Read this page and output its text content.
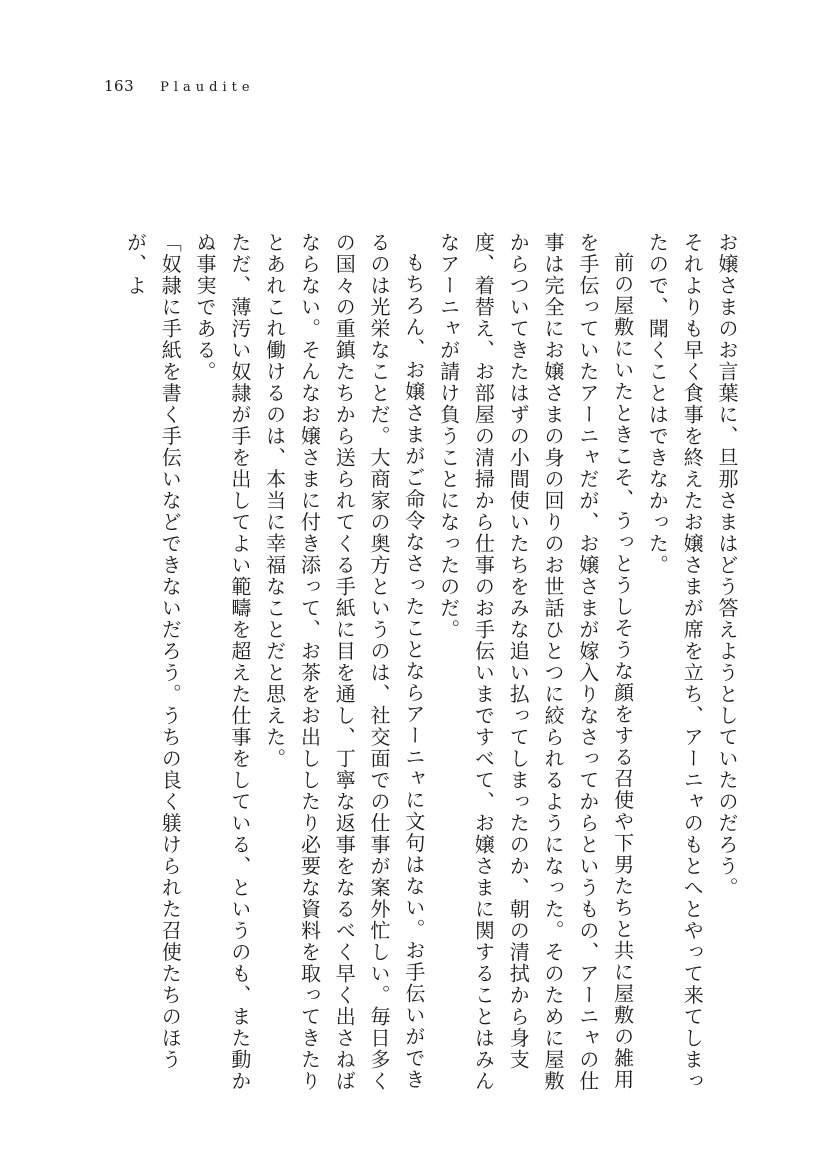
163 Plaudite

お嬢さまのお言葉に、旦那さまはどう答えようとしていたのだろう。

それよりも早く食事を終えたお嬢さまが席を立ち、アーニャのもとへとやって来てしまったので、聞くことはできなかった。

前の屋敷にいたときこそ、うっとうしそうな顔をする召使や下男たちと共に屋敷の雑用を手伝っていたアーニャだが、お嬢さまが嫁入りなさってからというもの、アーニャの仕事は完全にお嬢さまの身の回りのお世話ひとつに絞られるようになった。そのために屋敷からついてきたはずの小間使いたちをみな追い払ってしまったのか、朝の清拭から身支度、着替え、お部屋の清掃から仕事のお手伝いまですべて、お嬢さまに関することはみんなアーニャが請け負うことになったのだ。

もちろん、お嬢さまがご命令なさったことならアーニャに文句はない。お手伝いができるのは光栄なことだ。大商家の奥方というのは、社交面での仕事が案外忙しい。毎日多くの国々の重鎮たちから送られてくる手紙に目を通し、丁寧な返事をなるべく早く出さねばならない。そんなお嬢さまに付き添って、お茶をお出ししたり必要な資料を取ってきたりとあれこれ働けるのは、本当に幸福なことだと思えた。

ただ、薄汚い奴隷が手を出してよい範疇を超えた仕事をしている、というのも、また動かぬ事実である。

「奴隷に手紙を書く手伝いなどできないだろう。うちの良く躾けられた召使たちのほうが、よ
